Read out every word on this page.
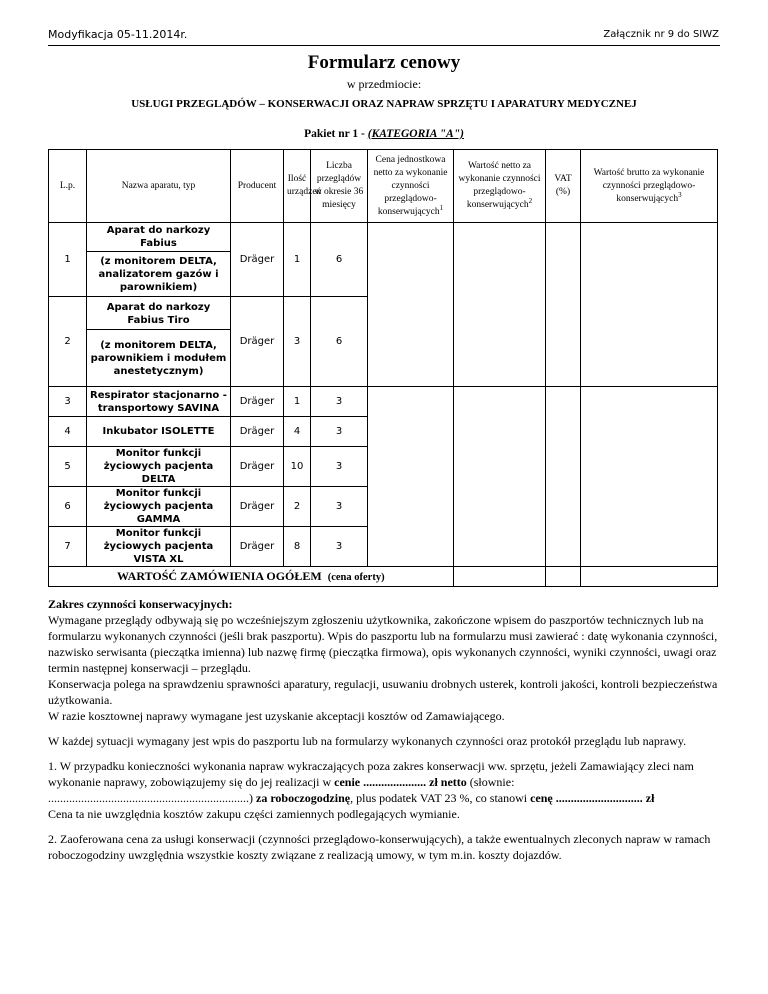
Modyfikacja 05-11.2014r.	Załącznik nr 9 do SIWZ
Formularz cenowy
w przedmiocie:
USŁUGI PRZEGLĄDÓW – KONSERWACJI ORAZ NAPRAW SPRZĘTU I APARATURY MEDYCZNEJ
Pakiet nr 1 - (KATEGORIA "A")
L.p.	Nazwa aparatu, typ	Producent	Ilość urządzeń	Liczba przeglądów w okresie 36 miesięcy	Cena jednostkowa netto za wykonanie czynności przeglądowo-konserwujących$^1$	Wartość netto za wykonanie czynności przeglądowo-konserwujących$^2$	VAT (%)	Wartość brutto za wykonanie czynności przeglądowo-konserwujących$^3$
1	Aparat do narkozy Fabius	Dräger	1	6				
	(z monitorem DELTA, analizatorem gazów i parownikiem)							
2	Aparat do narkozy Fabius Tiro	Dräger	3	6				
	(z monitorem DELTA, parownikiem i modułem anestetycznym)							
3	Respirator stacjonarno - transportowy SAVINA	Dräger	1	3				
4	Inkubator ISOLETTE	Dräger	4	3				
5	Monitor funkcji życiowych pacjenta DELTA	Dräger	10	3				
6	Monitor funkcji życiowych pacjenta GAMMA	Dräger	2	3				
7	Monitor funkcji życiowych pacjenta VISTA XL	Dräger	8	3				
WARTOŚĆ ZAMÓWIENIA OGÓŁEM (cena oferty)								

Zakres czynności konserwacyjnych:

Wymagane przeglądy odbywają się po wcześniejszym zgłoszeniu użytkownika, zakończone wpisem do paszportów technicznych lub na formularzu wykonanych czynności (jeśli brak paszportu). Wpis do paszportu lub na formularzu musi zawierać : datę wykonania czynności, nazwisko serwisanta (pieczątka imienna) lub nazwę firmę (pieczątka firmowa), opis wykonanych czynności, wyniki czynności, uwagi oraz termin następnej konserwacji – przeglądu.

Konserwacja polega na sprawdzeniu sprawności aparatury, regulacji, usuwaniu drobnych usterek, kontroli jakości, kontroli bezpieczeństwa użytkowania.

W razie kosztownej naprawy wymagane jest uzyskanie akceptacji kosztów od Zamawiającego.

W każdej sytuacji wymagany jest wpis do paszportu lub na formularzy wykonanych czynności oraz protokół przeglądu lub naprawy.

1. W przypadku konieczności wykonania napraw wykraczających poza zakres konserwacji ww. sprzętu, jeżeli Zamawiający zleci nam wykonanie naprawy, zobowiązujemy się do jej realizacji w cenie ..................... zł netto (słownie: ...................................................................) za roboczogodzinę, plus podatek VAT 23 %, co stanowi cenę ............................. zł

Cena ta nie uwzględnia kosztów zakupu części zamiennych podlegających wymianie.

2. Zaoferowana cena za usługi konserwacji (czynności przeglądowo-konserwujących), a także ewentualnych zleconych napraw w ramach roboczogodziny uwzględnia wszystkie koszty związane z realizacją umowy, w tym m.in. koszty dojazdów.
